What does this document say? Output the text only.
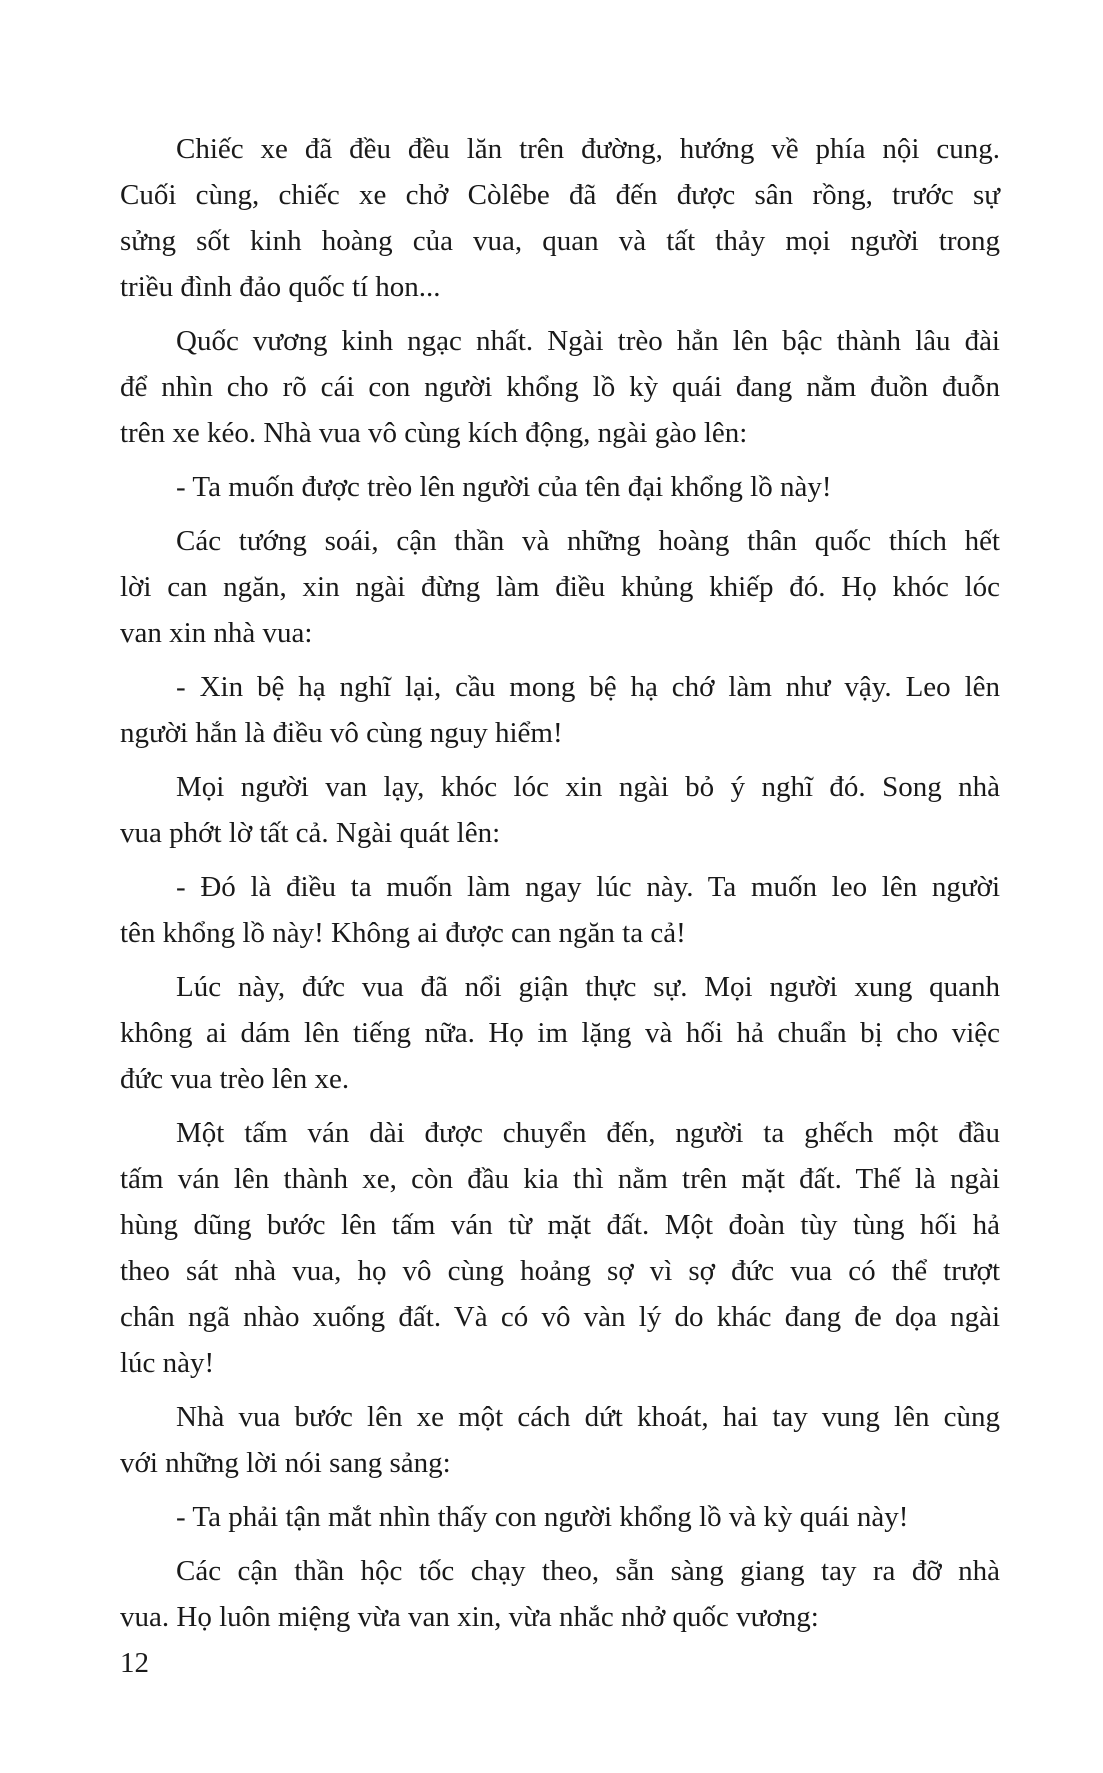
Chiếc xe đã đều đều lăn trên đường, hướng về phía nội cung.
Cuối cùng, chiếc xe chở Còlêbe đã đến được sân rồng, trước sự
sửng sốt kinh hoàng của vua, quan và tất thảy mọi người trong
triều đình đảo quốc tí hon...
Quốc vương kinh ngạc nhất. Ngài trèo hẳn lên bậc thành lâu đài
để nhìn cho rõ cái con người khổng lồ kỳ quái đang nằm đuồn đuỗn
trên xe kéo. Nhà vua vô cùng kích động, ngài gào lên:
- Ta muốn được trèo lên người của tên đại khổng lồ này!
Các tướng soái, cận thần và những hoàng thân quốc thích hết
lời can ngăn, xin ngài đừng làm điều khủng khiếp đó. Họ khóc lóc
van xin nhà vua:
- Xin bệ hạ nghĩ lại, cầu mong bệ hạ chớ làm như vậy. Leo lên
người hắn là điều vô cùng nguy hiểm!
Mọi người van lạy, khóc lóc xin ngài bỏ ý nghĩ đó. Song nhà
vua phớt lờ tất cả. Ngài quát lên:
- Đó là điều ta muốn làm ngay lúc này. Ta muốn leo lên người
tên khổng lồ này! Không ai được can ngăn ta cả!
Lúc này, đức vua đã nổi giận thực sự. Mọi người xung quanh
không ai dám lên tiếng nữa. Họ im lặng và hối hả chuẩn bị cho việc
đức vua trèo lên xe.
Một tấm ván dài được chuyển đến, người ta ghếch một đầu
tấm ván lên thành xe, còn đầu kia thì nằm trên mặt đất. Thế là ngài
hùng dũng bước lên tấm ván từ mặt đất. Một đoàn tùy tùng hối hả
theo sát nhà vua, họ vô cùng hoảng sợ vì sợ đức vua có thể trượt
chân ngã nhào xuống đất. Và có vô vàn lý do khác đang đe dọa ngài
lúc này!
Nhà vua bước lên xe một cách dứt khoát, hai tay vung lên cùng
với những lời nói sang sảng:
- Ta phải tận mắt nhìn thấy con người khổng lồ và kỳ quái này!
Các cận thần hộc tốc chạy theo, sẵn sàng giang tay ra đỡ nhà
vua. Họ luôn miệng vừa van xin, vừa nhắc nhở quốc vương:
12
